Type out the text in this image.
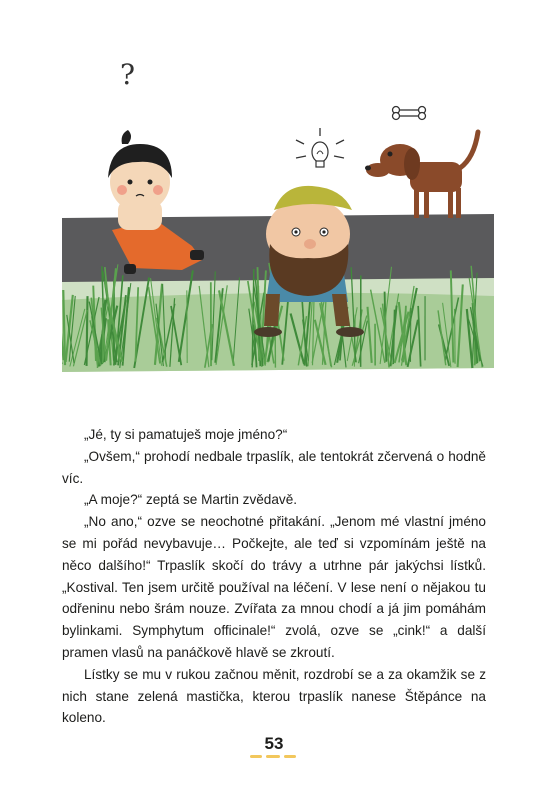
?

„Jé, ty si pamatuješ moje jméno?“

„Ovšem,“ prohodí nedbale trpaslík, ale tentokrát zčervená o hodně víc.

„A moje?“ zeptá se Martin zvědavě.

„No ano,“ ozve se neochotné přitakání. „Jenom mé vlastní jméno se mi pořád nevybavuje… Počkejte, ale teď si vzpomínám ještě na něco dalšího!“ Trpaslík skočí do trávy a utrhne pár jakýchsi lístků. „Kostival. Ten jsem určitě používal na léčení. V lese není o nějakou tu odřeninu nebo šrám nouze. Zvířata za mnou chodí a já jim pomáhám bylinkami. Symphytum officinale!“ zvolá, ozve se „cink!“ a další pramen vlasů na panáčkově hlavě se zkroutí.

Lístky se mu v rukou začnou měnit, rozdrobí se a za okamžik se z nich stane zelená mastička, kterou trpaslík nanese Štěpánce na koleno.

53
